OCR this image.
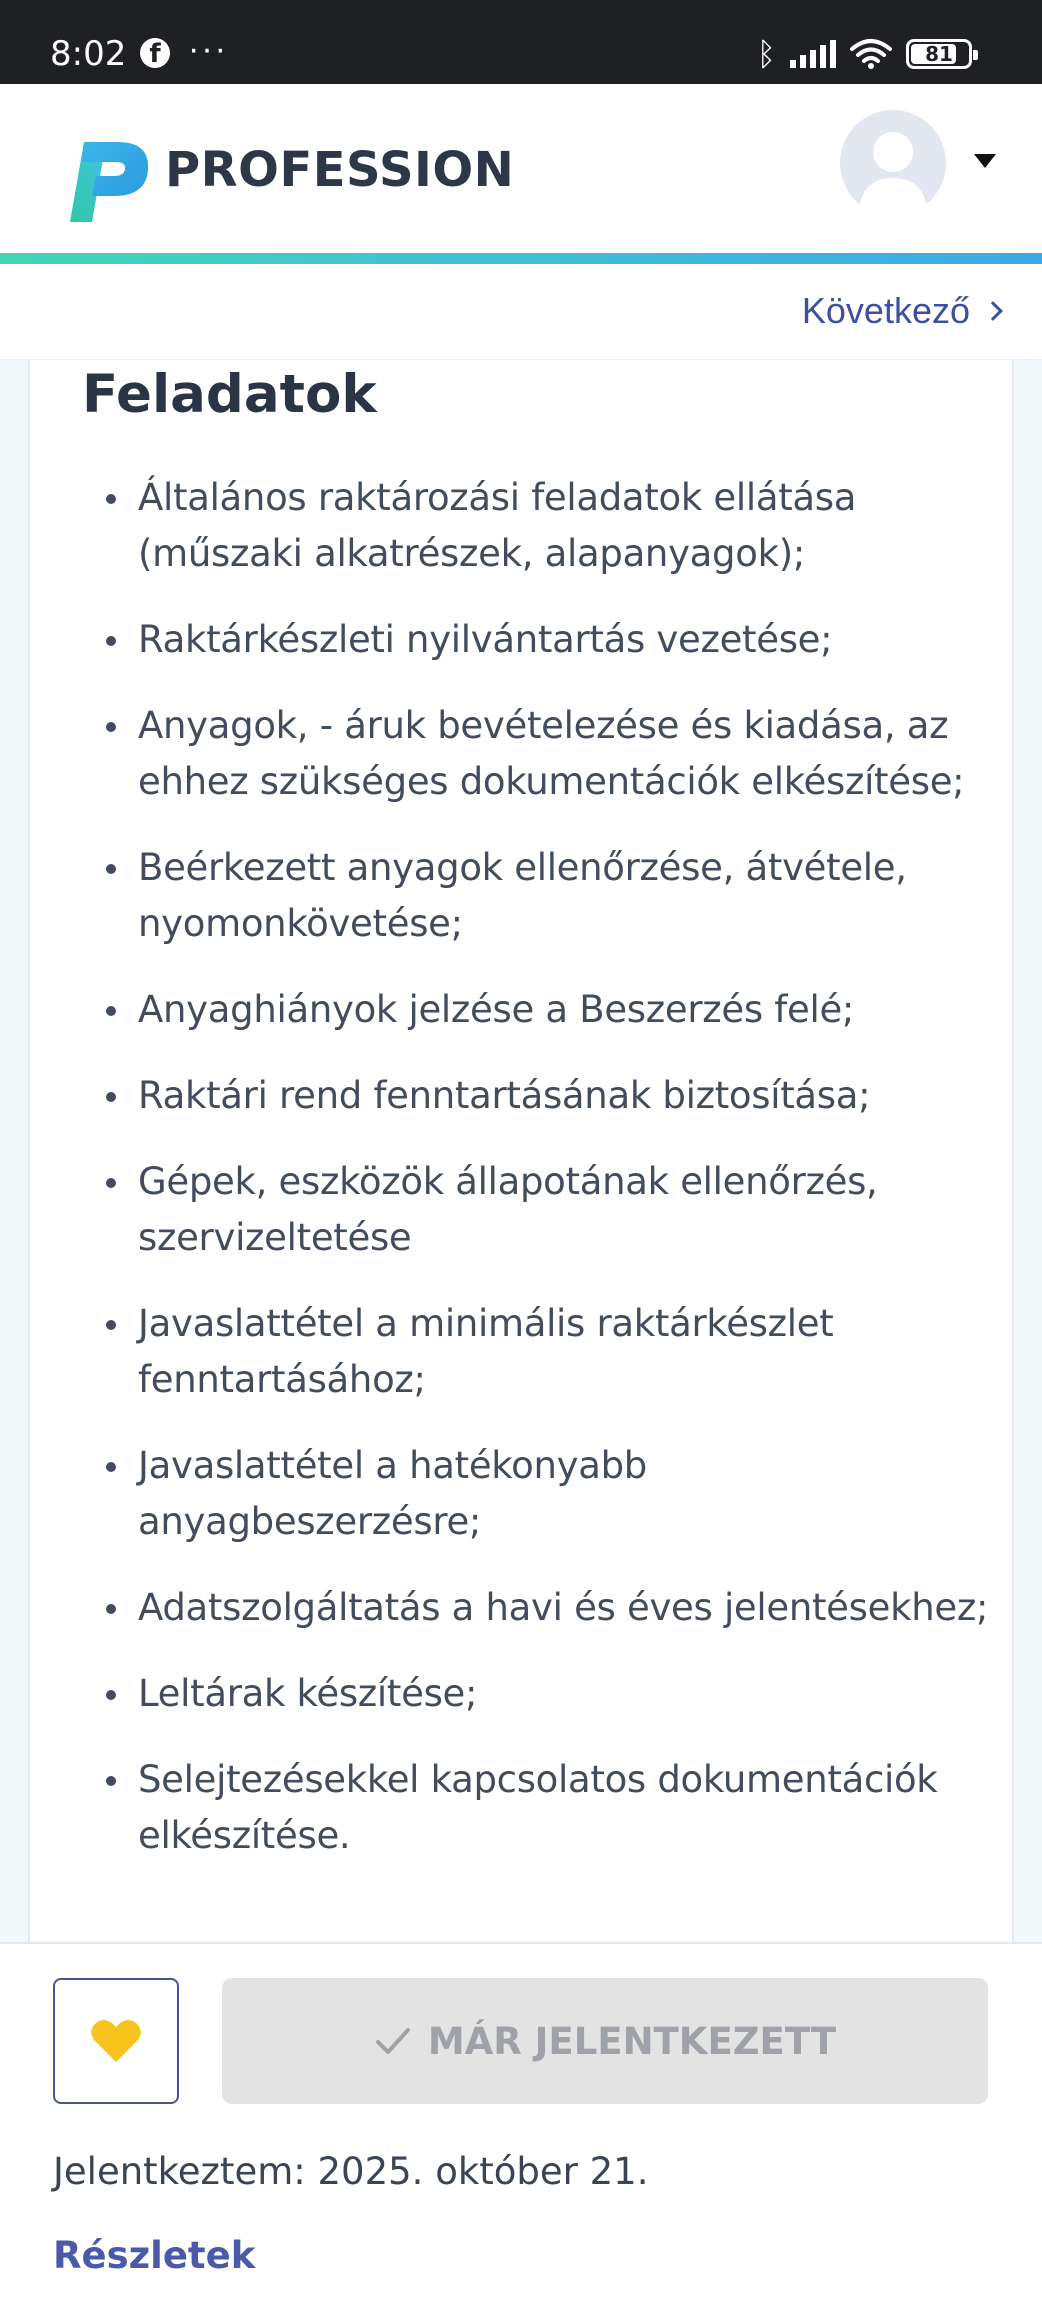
8:02 f ···	ᛒ	81
PROFESSION
Következő
Feladatok
Általános raktározási feladatok ellátása (műszaki alkatrészek, alapanyagok);
Raktárkészleti nyilvántartás vezetése;
Anyagok, - áruk bevételezése és kiadása, az ehhez szükséges dokumentációk elkészítése;
Beérkezett anyagok ellenőrzése, átvétele, nyomonkövetése;
Anyaghiányok jelzése a Beszerzés felé;
Raktári rend fenntartásának biztosítása;
Gépek, eszközök állapotának ellenőrzés, szervizeltetése
Javaslattétel a minimális raktárkészlet fenntartásához;
Javaslattétel a hatékonyabb anyagbeszerzésre;
Adatszolgáltatás a havi és éves jelentésekhez;
Leltárak készítése;
Selejtezésekkel kapcsolatos dokumentációk elkészítése.
MÁR JELENTKEZETT
Jelentkeztem: 2025. október 21.
Részletek
